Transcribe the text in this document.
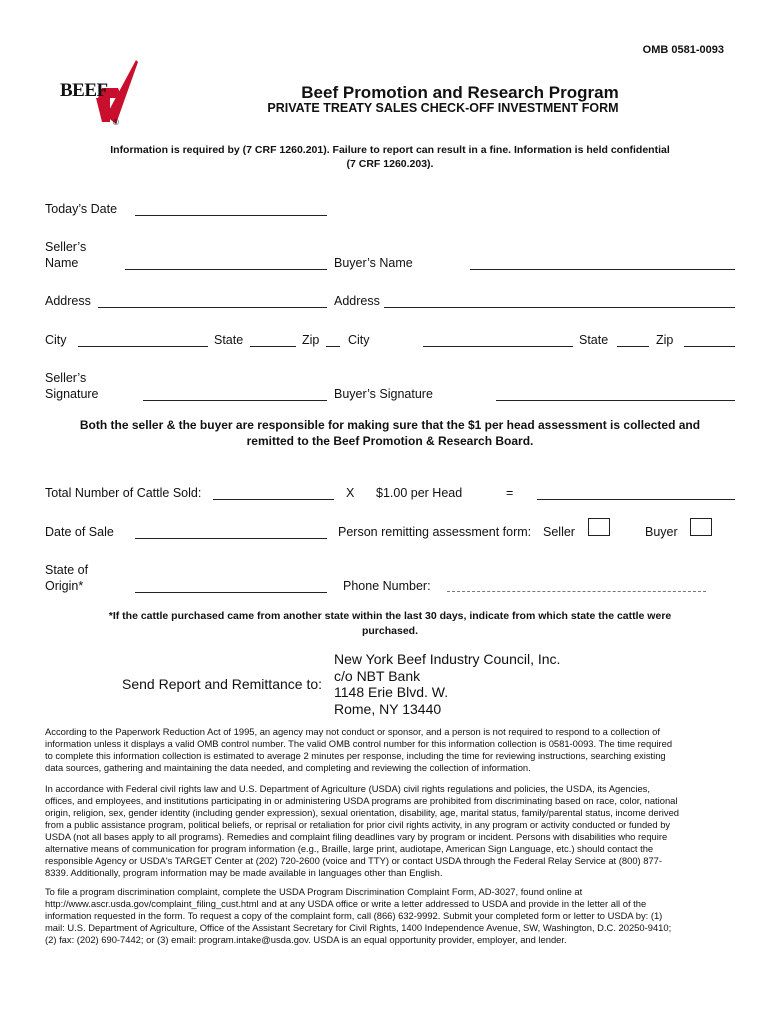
OMB 0581-0093
BEEF
®
Beef Promotion and Research Program
PRIVATE TREATY SALES CHECK-OFF INVESTMENT FORM
Information is required by (7 CRF 1260.201). Failure to report can result in a fine. Information is held confidential
(7 CRF 1260.203).
Today’s Date
Seller’s
Name	Buyer’s Name
Address	Address
City	State	Zip City	State	Zip
Seller’s
Signature	Buyer’s Signature
Both the seller & the buyer are responsible for making sure that the $1 per head assessment is collected and
remitted to the Beef Promotion & Research Board.
Total Number of Cattle Sold:	X $1.00 per Head	=
Date of Sale	Person remitting assessment form: Seller	Buyer
State of
Origin*	Phone Number:
*If the cattle purchased came from another state within the last 30 days, indicate from which state the cattle were
purchased.
Send Report and Remittance to:
New York Beef Industry Council, Inc.
c/o NBT Bank
1148 Erie Blvd. W.
Rome, NY 13440
According to the Paperwork Reduction Act of 1995, an agency may not conduct or sponsor, and a person is not required to respond to a collection of
information unless it displays a valid OMB control number. The valid OMB control number for this information collection is 0581-0093. The time required
to complete this information collection is estimated to average 2 minutes per response, including the time for reviewing instructions, searching existing
data sources, gathering and maintaining the data needed, and completing and reviewing the collection of information.
In accordance with Federal civil rights law and U.S. Department of Agriculture (USDA) civil rights regulations and policies, the USDA, its Agencies,
offices, and employees, and institutions participating in or administering USDA programs are prohibited from discriminating based on race, color, national
origin, religion, sex, gender identity (including gender expression), sexual orientation, disability, age, marital status, family/parental status, income derived
from a public assistance program, political beliefs, or reprisal or retaliation for prior civil rights activity, in any program or activity conducted or funded by
USDA (not all bases apply to all programs). Remedies and complaint filing deadlines vary by program or incident. Persons with disabilities who require
alternative means of communication for program information (e.g., Braille, large print, audiotape, American Sign Language, etc.) should contact the
responsible Agency or USDA's TARGET Center at (202) 720-2600 (voice and TTY) or contact USDA through the Federal Relay Service at (800) 877-
8339. Additionally, program information may be made available in languages other than English.
To file a program discrimination complaint, complete the USDA Program Discrimination Complaint Form, AD-3027, found online at
http://www.ascr.usda.gov/complaint_filing_cust.html and at any USDA office or write a letter addressed to USDA and provide in the letter all of the
information requested in the form. To request a copy of the complaint form, call (866) 632-9992. Submit your completed form or letter to USDA by: (1)
mail: U.S. Department of Agriculture, Office of the Assistant Secretary for Civil Rights, 1400 Independence Avenue, SW, Washington, D.C. 20250-9410;
(2) fax: (202) 690-7442; or (3) email: program.intake@usda.gov. USDA is an equal opportunity provider, employer, and lender.
